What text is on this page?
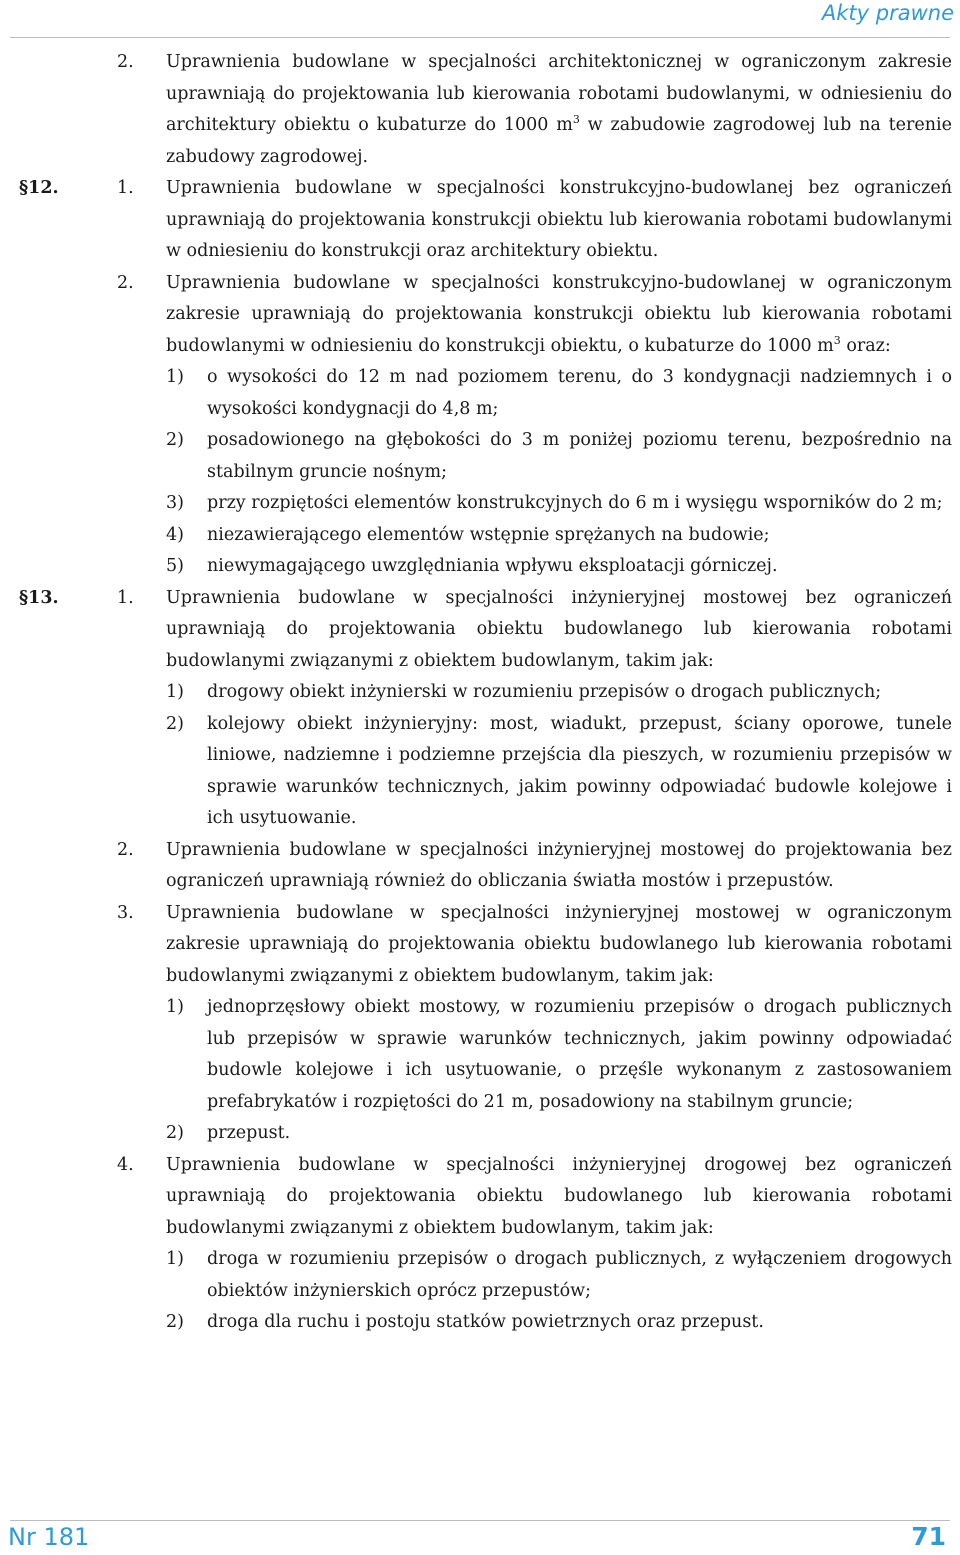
Akty prawne
2. Uprawnienia budowlane w specjalności architektonicznej w ograniczonym zakresie uprawniają do projektowania lub kierowania robotami budowlanymi, w odniesieniu do architektury obiektu o kubaturze do 1000 $m^3$ w zabudowie zagrodowej lub na terenie zabudowy zagrodowej.
§12.	1. Uprawnienia budowlane w specjalności konstrukcyjno-budowlanej bez ograniczeń uprawniają do projektowania konstrukcji obiektu lub kierowania robotami budowlanymi w odniesieniu do konstrukcji oraz architektury obiektu.
2. Uprawnienia budowlane w specjalności konstrukcyjno-budowlanej w ograniczonym zakresie uprawniają do projektowania konstrukcji obiektu lub kierowania robotami budowlanymi w odniesieniu do konstrukcji obiektu, o kubaturze do 1000 $m^3$ oraz:
1) o wysokości do 12 m nad poziomem terenu, do 3 kondygnacji nadziemnych i o wysokości kondygnacji do 4,8 m;
2) posadowionego na głębokości do 3 m poniżej poziomu terenu, bezpośrednio na stabilnym gruncie nośnym;
3) przy rozpiętości elementów konstrukcyjnych do 6 m i wysięgu wsporników do 2 m;
4) niezawierającego elementów wstępnie sprężanych na budowie;
5) niewymagającego uwzględniania wpływu eksploatacji górniczej.
§13.	1. Uprawnienia budowlane w specjalności inżynieryjnej mostowej bez ograniczeń uprawniają do projektowania obiektu budowlanego lub kierowania robotami budowlanymi związanymi z obiektem budowlanym, takim jak:
1) drogowy obiekt inżynierski w rozumieniu przepisów o drogach publicznych;
2) kolejowy obiekt inżynieryjny: most, wiadukt, przepust, ściany oporowe, tunele liniowe, nadziemne i podziemne przejścia dla pieszych, w rozumieniu przepisów w sprawie warunków technicznych, jakim powinny odpowiadać budowle kolejowe i ich usytuowanie.
2. Uprawnienia budowlane w specjalności inżynieryjnej mostowej do projektowania bez ograniczeń uprawniają również do obliczania światła mostów i przepustów.
3. Uprawnienia budowlane w specjalności inżynieryjnej mostowej w ograniczonym zakresie uprawniają do projektowania obiektu budowlanego lub kierowania robotami budowlanymi związanymi z obiektem budowlanym, takim jak:
1) jednoprzęsłowy obiekt mostowy, w rozumieniu przepisów o drogach publicznych lub przepisów w sprawie warunków technicznych, jakim powinny odpowiadać budowle kolejowe i ich usytuowanie, o przęśle wykonanym z zastosowaniem prefabrykatów i rozpiętości do 21 m, posadowiony na stabilnym gruncie;
2) przepust.
4. Uprawnienia budowlane w specjalności inżynieryjnej drogowej bez ograniczeń uprawniają do projektowania obiektu budowlanego lub kierowania robotami budowlanymi związanymi z obiektem budowlanym, takim jak:
1) droga w rozumieniu przepisów o drogach publicznych, z wyłączeniem drogowych obiektów inżynierskich oprócz przepustów;
2) droga dla ruchu i postoju statków powietrznych oraz przepust.
Nr 181	71
